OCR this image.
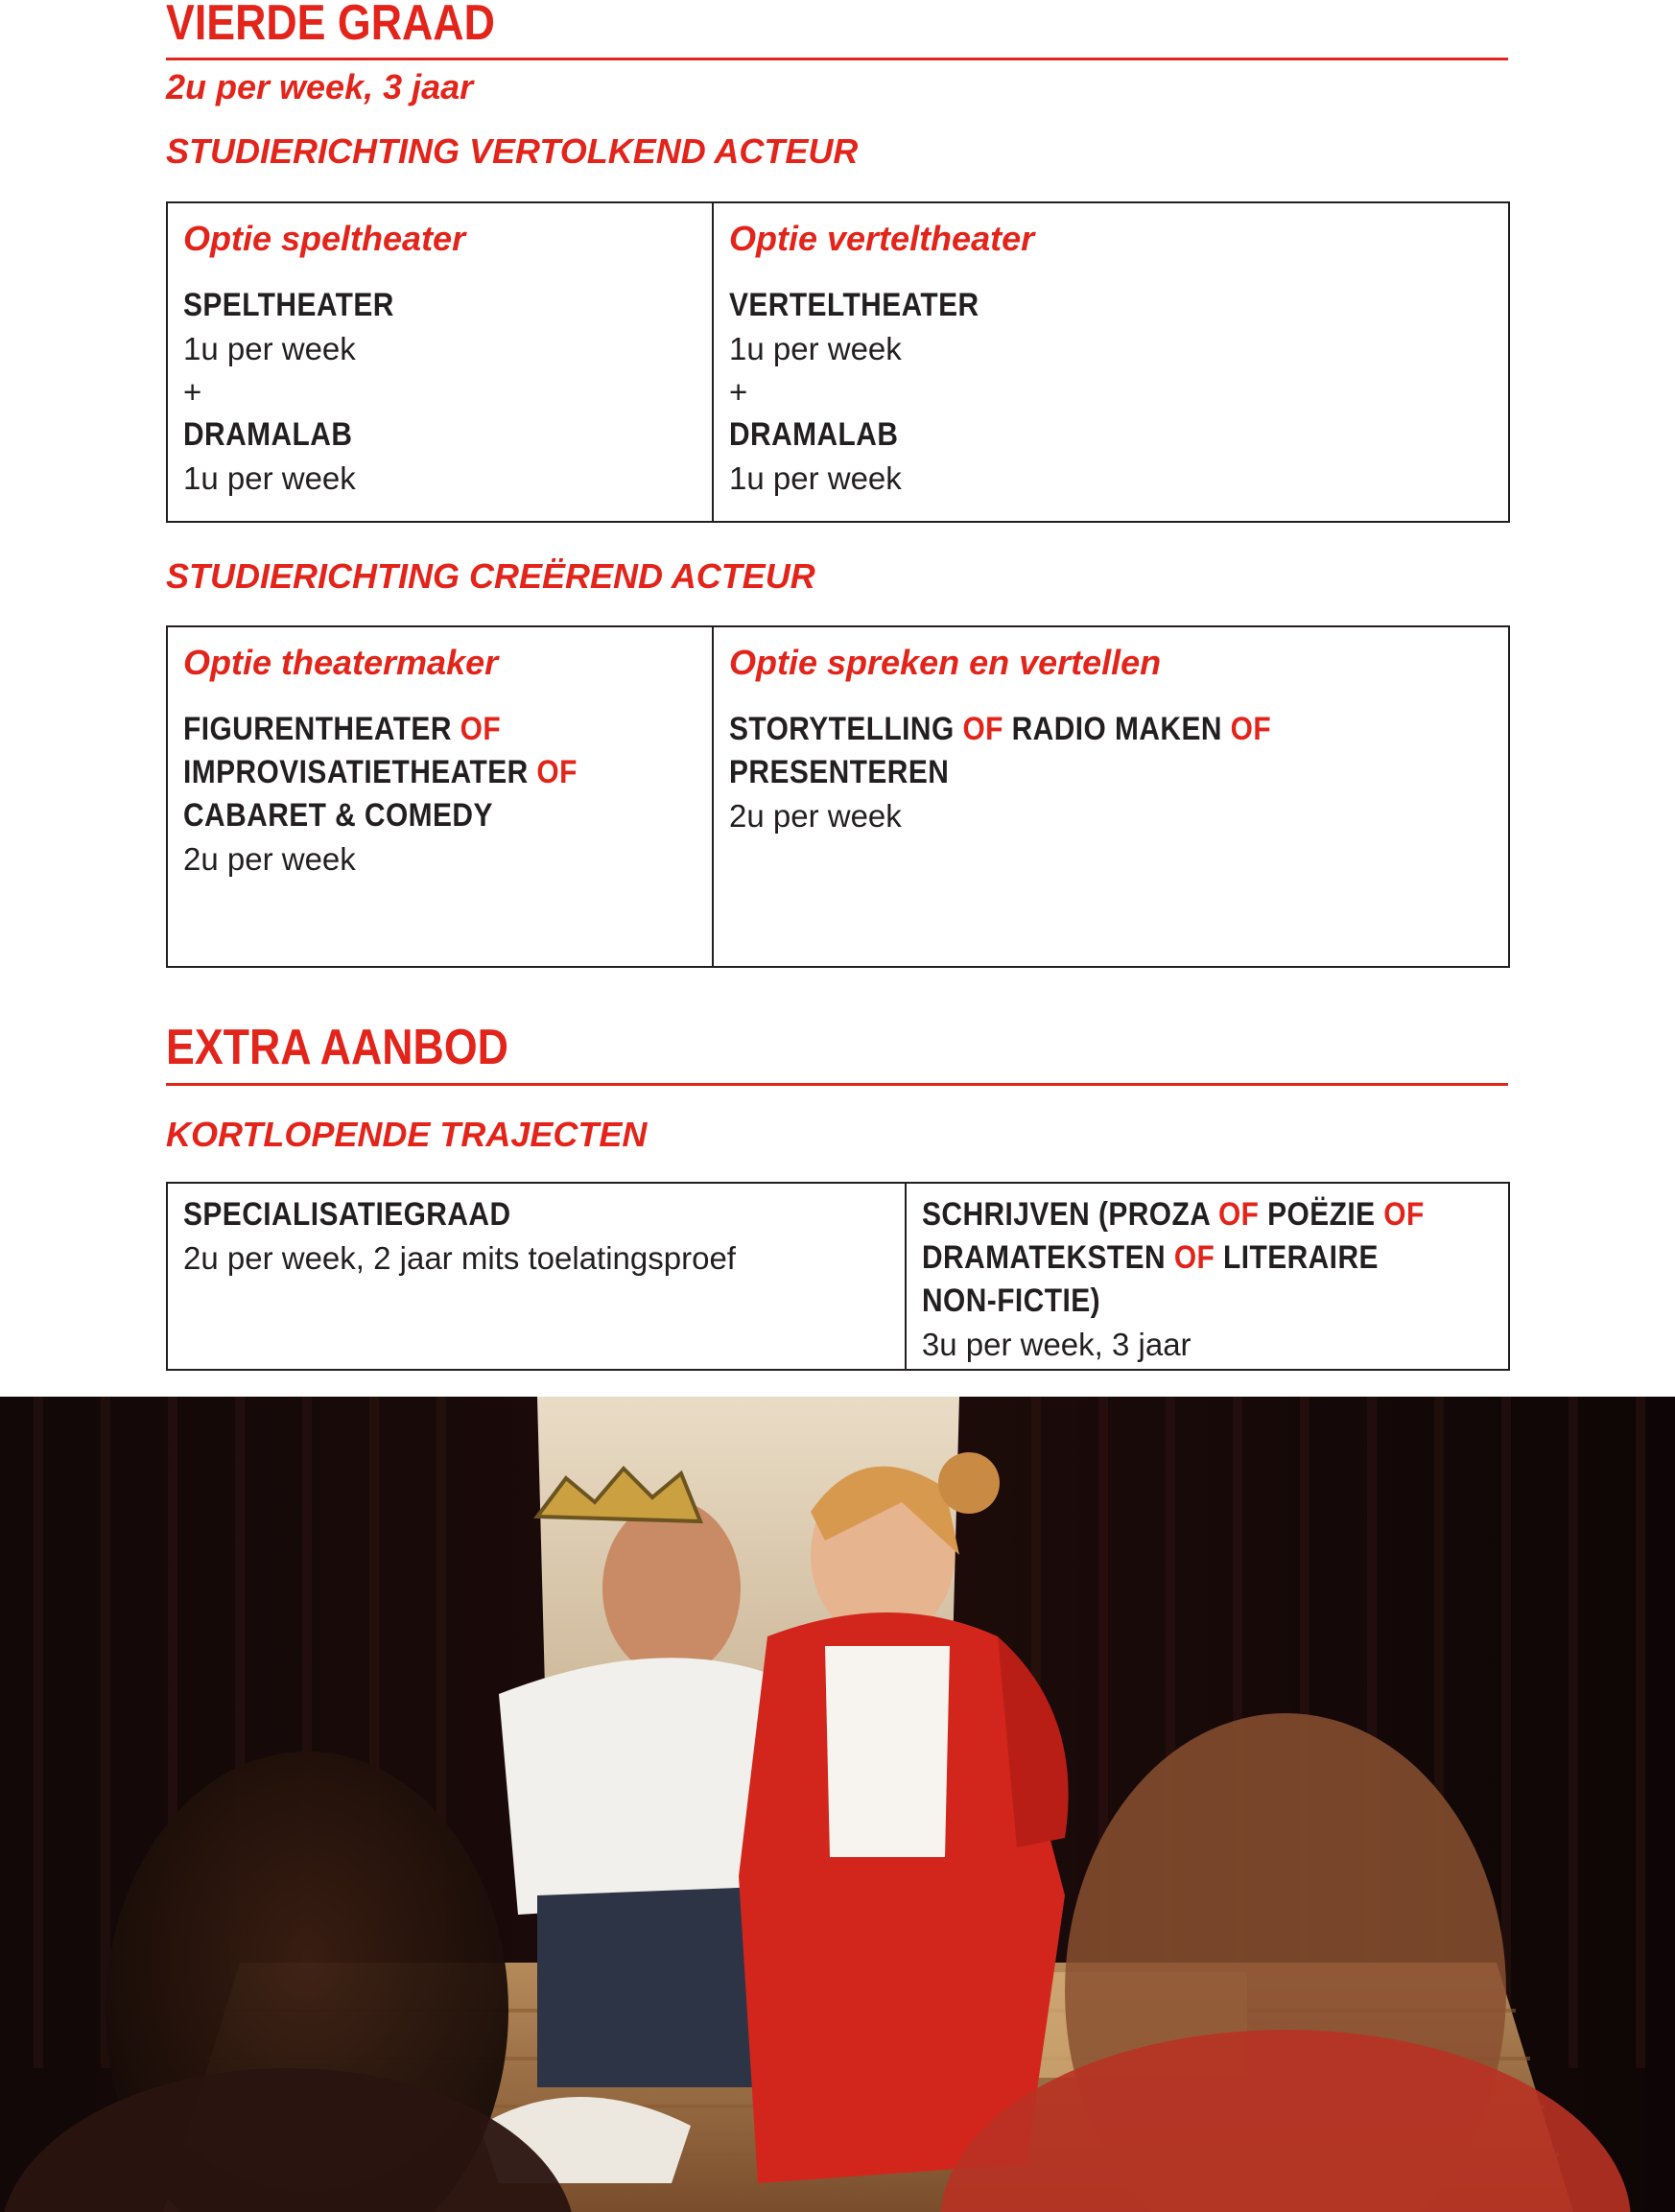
VIERDE GRAAD
2u per week, 3 jaar
STUDIERICHTING VERTOLKEND ACTEUR
Optie speltheater
SPELTHEATER
1u per week
+
DRAMALAB
1u per week
Optie verteltheater
VERTELTHEATER
1u per week
+
DRAMALAB
1u per week
STUDIERICHTING CREËREND ACTEUR
Optie theatermaker
FIGURENTHEATER OF
IMPROVISATIETHEATER OF
CABARET & COMEDY
2u per week
Optie spreken en vertellen
STORYTELLING OF RADIO MAKEN OF
PRESENTEREN
2u per week
EXTRA AANBOD
KORTLOPENDE TRAJECTEN
SPECIALISATIEGRAAD
2u per week, 2 jaar mits toelatingsproef
SCHRIJVEN (PROZA OF POËZIE OF
DRAMATEKSTEN OF LITERAIRE
NON-FICTIE)
3u per week, 3 jaar
